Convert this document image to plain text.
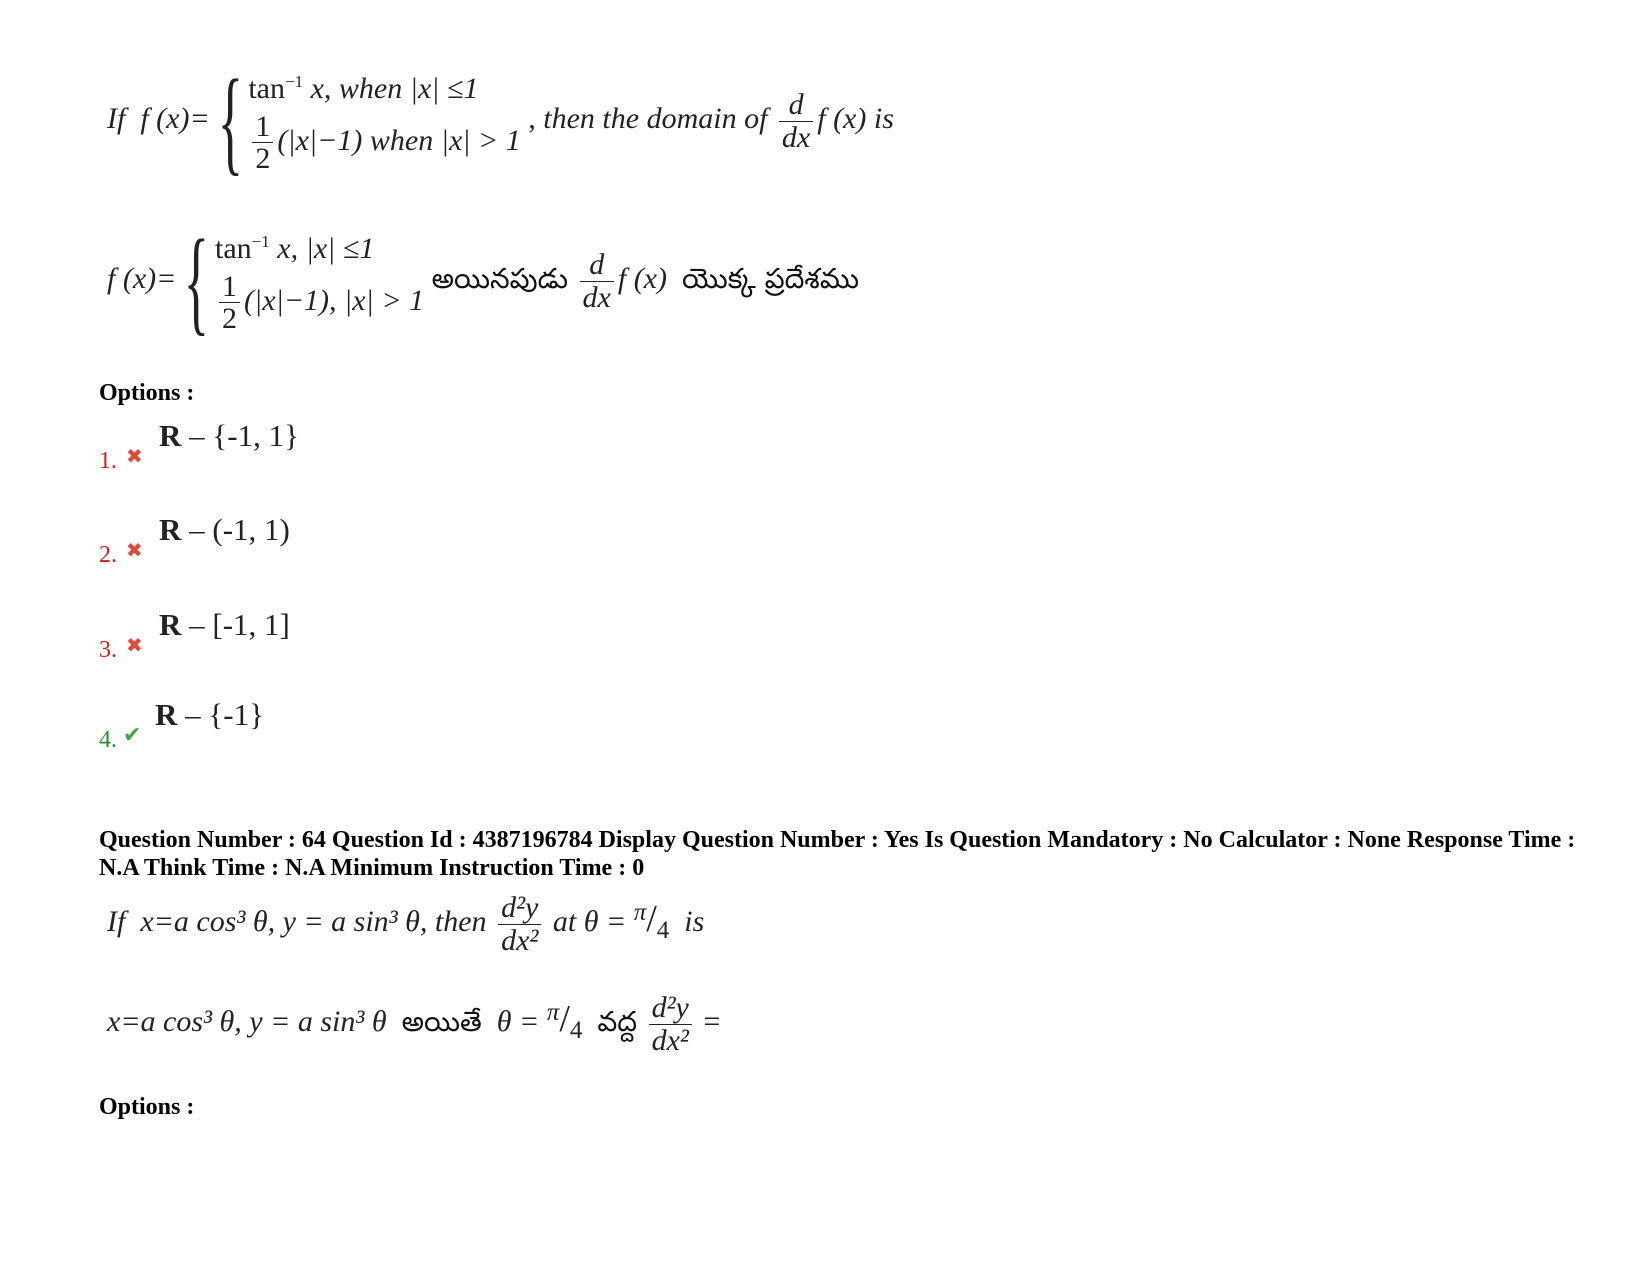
If f (x)={ $\tan^{-1} x$, when |x| ≤1
$\frac{1}{2} (|x|-1)$ when |x| > 1
, then the domain of $\frac{d}{dx}$ f (x) is
f (x)={ $\tan^{-1} x$, |x| ≤1
$\frac{1}{2} (|x|-1)$, |x| > 1
అయినపుడు $\frac{d}{dx}$ f (x) యొక్క ప్రదేశము
Options :
1. ✖
R – {-1, 1}
2. ✖
R – (-1, 1)
3. ✖
R – [-1, 1]
4. ✔
R – {-1}
Question Number : 64 Question Id : 4387196784 Display Question Number : Yes Is Question Mandatory : No Calculator : None Response Time : N.A Think Time : N.A Minimum Instruction Time : 0
If x=a cos³ θ, y = a sin³ θ, then $\frac{\text{d²y}}{\text{dx²}}$ at $\theta = ^\pi/_4$ is
x=a cos³ θ, y = a sin³ θ అయితే $\theta = ^\pi/_4$ వద్ద $\frac{\text{d²y}}{\text{dx²}}$ =
Options :
